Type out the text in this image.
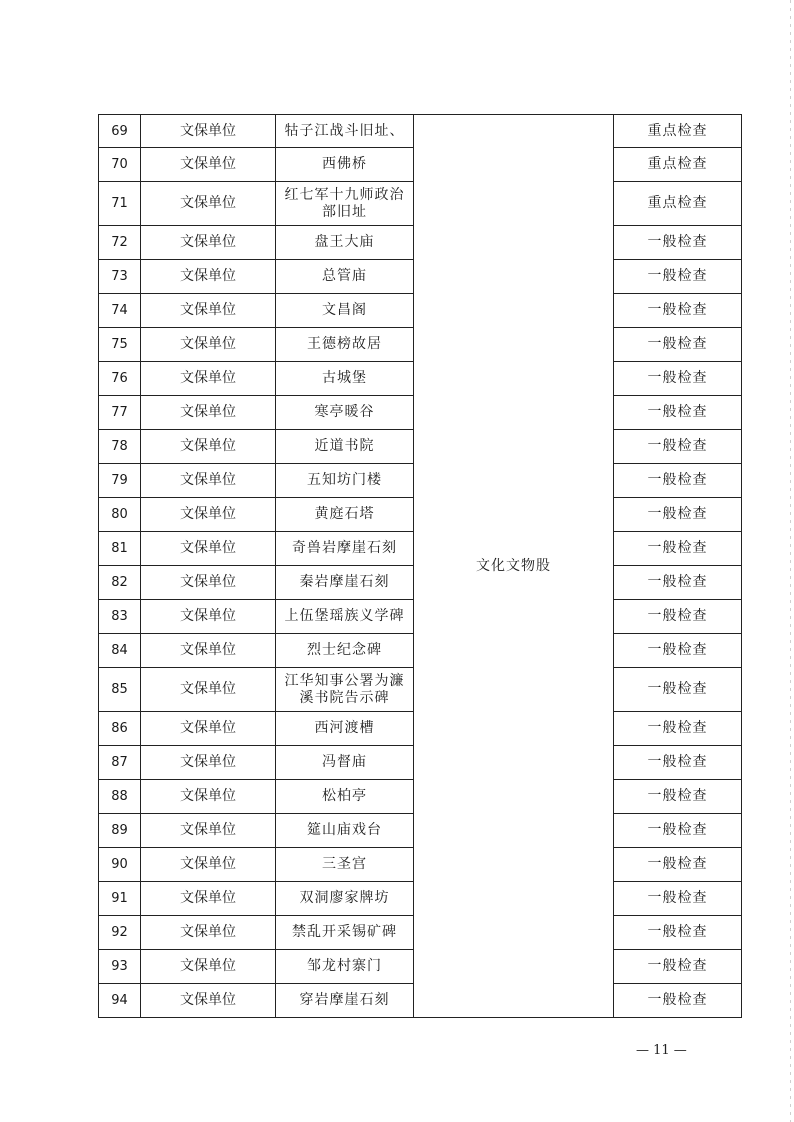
69	文保单位	牯子江战斗旧址、	文化文物股	重点检查
70	文保单位	西佛桥		重点检查
71	文保单位	红七军十九师政治部旧址		重点检查
72	文保单位	盘王大庙		一般检查
73	文保单位	总管庙		一般检查
74	文保单位	文昌阁		一般检查
75	文保单位	王德榜故居		一般检查
76	文保单位	古城堡		一般检查
77	文保单位	寒亭暖谷		一般检查
78	文保单位	近道书院		一般检查
79	文保单位	五知坊门楼		一般检查
80	文保单位	黄庭石塔		一般检查
81	文保单位	奇兽岩摩崖石刻		一般检查
82	文保单位	秦岩摩崖石刻		一般检查
83	文保单位	上伍堡瑶族义学碑		一般检查
84	文保单位	烈士纪念碑		一般检查
85	文保单位	江华知事公署为濂溪书院告示碑		一般检查
86	文保单位	西河渡槽		一般检查
87	文保单位	冯督庙		一般检查
88	文保单位	松柏亭		一般检查
89	文保单位	筵山庙戏台		一般检查
90	文保单位	三圣宫		一般检查
91	文保单位	双洞廖家牌坊		一般检查
92	文保单位	禁乱开采锡矿碑		一般检查
93	文保单位	邹龙村寨门		一般检查
94	文保单位	穿岩摩崖石刻		一般检查
— 11 —
